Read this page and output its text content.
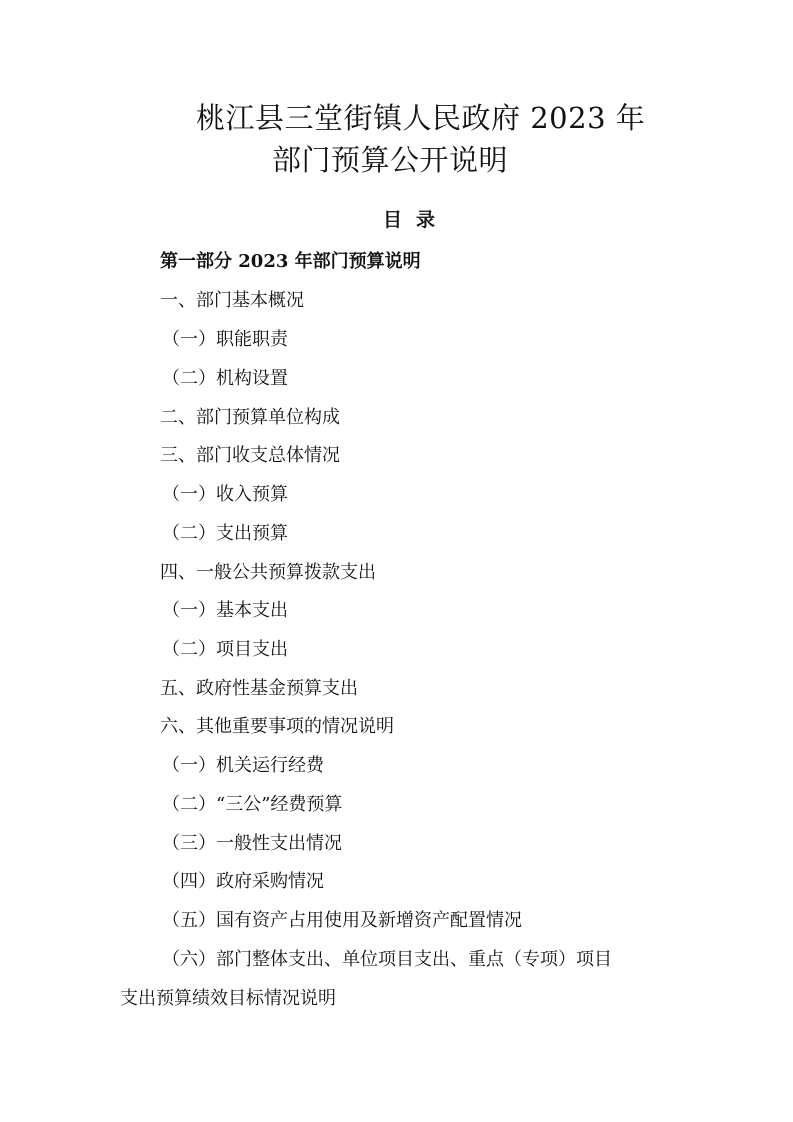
桃江县三堂街镇人民政府 2023 年
部门预算公开说明
目录
第一部分 2023 年部门预算说明
一、部门基本概况
（一）职能职责
（二）机构设置
二、部门预算单位构成
三、部门收支总体情况
（一）收入预算
（二）支出预算
四、一般公共预算拨款支出
（一）基本支出
（二）项目支出
五、政府性基金预算支出
六、其他重要事项的情况说明
（一）机关运行经费
（二）“三公”经费预算
（三）一般性支出情况
（四）政府采购情况
（五）国有资产占用使用及新增资产配置情况
（六）部门整体支出、单位项目支出、重点（专项）项目
支出预算绩效目标情况说明
